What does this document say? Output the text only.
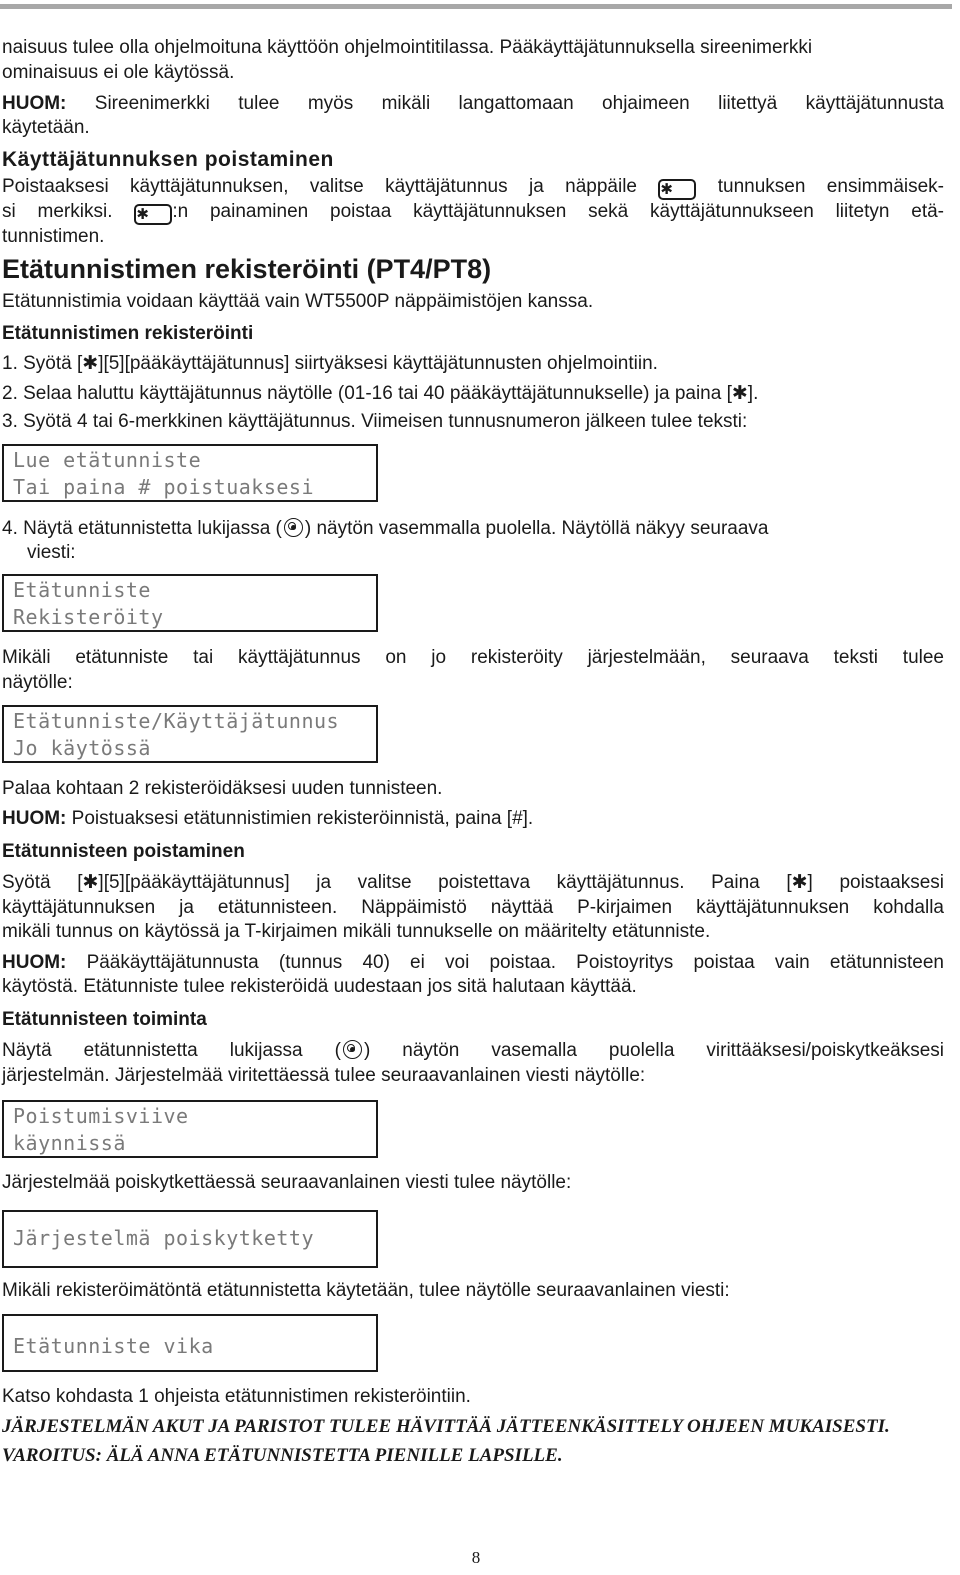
naisuus tulee olla ohjelmoituna käyttöön ohjelmointitilassa. Pääkäyttäjätunnuksella sireenimerkki
ominaisuus ei ole käytössä.
HUOM: Sireenimerkki tulee myös mikäli langattomaan ohjaimeen liitettyä käyttäjätunnusta
käytetään.
Käyttäjätunnuksen poistaminen
Poistaaksesi käyttäjätunnuksen, valitse käyttäjätunnus ja näppäile ✱ tunnuksen ensimmäisek-
si merkiksi. ✱ :n painaminen poistaa käyttäjätunnuksen sekä käyttäjätunnukseen liitetyn etä-
tunnistimen.
Etätunnistimen rekisteröinti (PT4/PT8)
Etätunnistimia voidaan käyttää vain WT5500P näppäimistöjen kanssa.
Etätunnistimen rekisteröinti
1. Syötä [✱][5][pääkäyttäjätunnus] siirtyäksesi käyttäjätunnusten ohjelmointiin.
2. Selaa haluttu käyttäjätunnus näytölle (01-16 tai 40 pääkäyttäjätunnukselle) ja paina [✱].
3. Syötä 4 tai 6-merkkinen käyttäjätunnus. Viimeisen tunnusnumeron jälkeen tulee teksti:
Lue etätunniste
Tai paina # poistuaksesi
4. Näytä etätunnistetta lukijassa ( ) näytön vasemmalla puolella. Näytöllä näkyy seuraava
viesti:
Etätunniste
Rekisteröity
Mikäli etätunniste tai käyttäjätunnus on jo rekisteröity järjestelmään, seuraava teksti tulee
näytölle:
Etätunniste/Käyttäjätunnus
Jo käytössä
Palaa kohtaan 2 rekisteröidäksesi uuden tunnisteen.
HUOM: Poistuaksesi etätunnistimien rekisteröinnistä, paina [#].
Etätunnisteen poistaminen
Syötä [✱][5][pääkäyttäjätunnus] ja valitse poistettava käyttäjätunnus. Paina [✱] poistaaksesi
käyttäjätunnuksen ja etätunnisteen. Näppäimistö näyttää P-kirjaimen käyttäjätunnuksen kohdalla
mikäli tunnus on käytössä ja T-kirjaimen mikäli tunnukselle on määritelty etätunniste.
HUOM: Pääkäyttäjätunnusta (tunnus 40) ei voi poistaa. Poistoyritys poistaa vain etätunnisteen
käytöstä. Etätunniste tulee rekisteröidä uudestaan jos sitä halutaan käyttää.
Etätunnisteen toiminta
Näytä etätunnistetta lukijassa ( ) näytön vasemalla puolella virittääksesi/poiskytkeäksesi
järjestelmän. Järjestelmää viritettäessä tulee seuraavanlainen viesti näytölle:
Poistumisviive
käynnissä
Järjestelmää poiskytkettäessä seuraavanlainen viesti tulee näytölle:
Järjestelmä poiskytketty
Mikäli rekisteröimätöntä etätunnistetta käytetään, tulee näytölle seuraavanlainen viesti:
Etätunniste vika
Katso kohdasta 1 ohjeista etätunnistimen rekisteröintiin.
JÄRJESTELMÄN AKUT JA PARISTOT TULEE HÄVITTÄÄ JÄTTEENKÄSITTELY OHJEEN MUKAISESTI.
VAROITUS: ÄLÄ ANNA ETÄTUNNISTETTA PIENILLE LAPSILLE.
8
